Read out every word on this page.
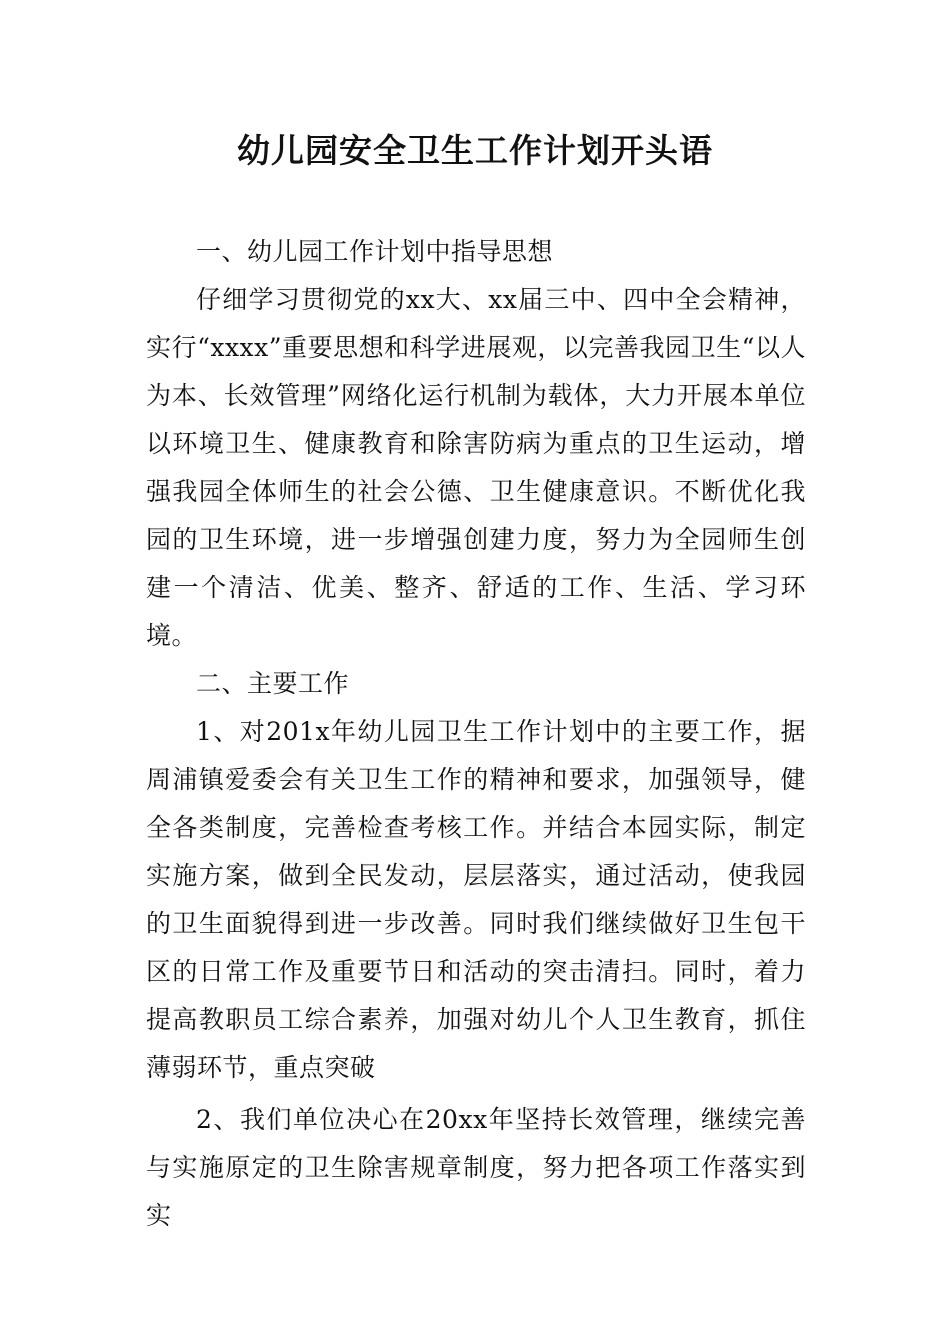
幼儿园安全卫生工作计划开头语

一、幼儿园工作计划中指导思想

仔细学习贯彻党的xx大、xx届三中、四中全会精神，实行“xxxx”重要思想和科学进展观，以完善我园卫生“以人为本、长效管理”网络化运行机制为载体，大力开展本单位以环境卫生、健康教育和除害防病为重点的卫生运动，增强我园全体师生的社会公德、卫生健康意识。不断优化我园的卫生环境，进一步增强创建力度，努力为全园师生创建一个清洁、优美、整齐、舒适的工作、生活、学习环境。

二、主要工作

1、对201x年幼儿园卫生工作计划中的主要工作，据周浦镇爱委会有关卫生工作的精神和要求，加强领导，健全各类制度，完善检查考核工作。并结合本园实际，制定实施方案，做到全民发动，层层落实，通过活动，使我园的卫生面貌得到进一步改善。同时我们继续做好卫生包干区的日常工作及重要节日和活动的突击清扫。同时，着力提高教职员工综合素养，加强对幼儿个人卫生教育，抓住薄弱环节，重点突破

2、我们单位决心在20xx年坚持长效管理，继续完善与实施原定的卫生除害规章制度，努力把各项工作落实到实
